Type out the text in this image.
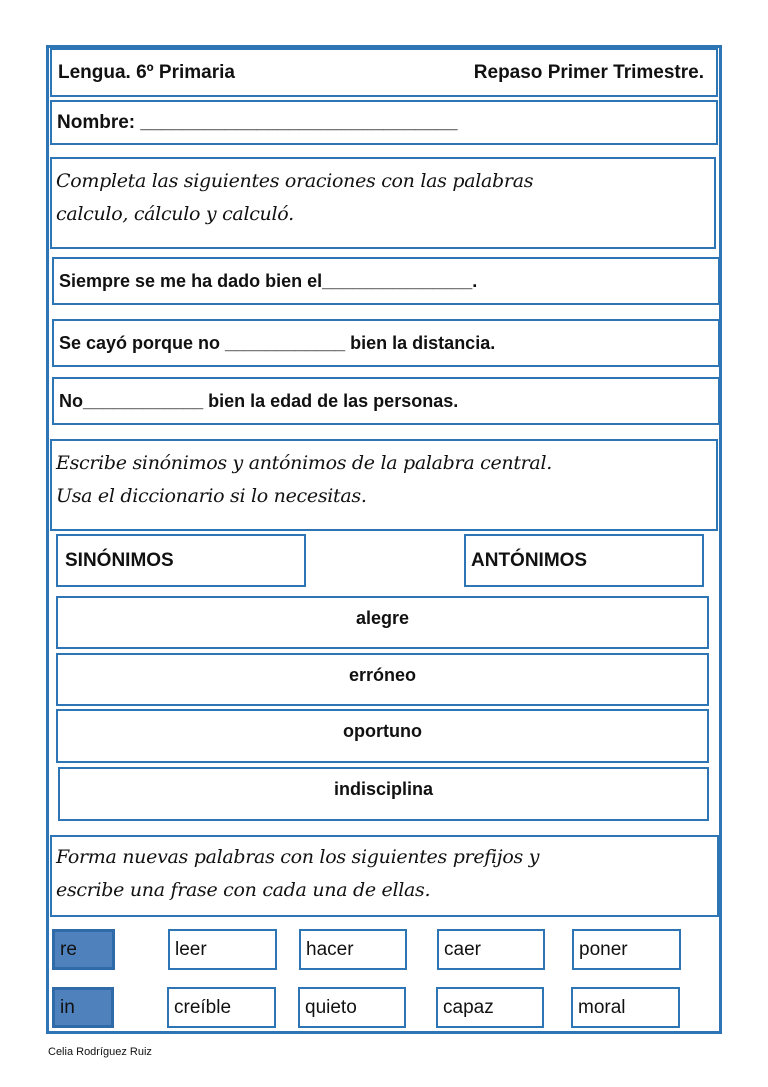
Lengua. 6º Primaria	Repaso Primer Trimestre.
Nombre: ______________________________
Completa las siguientes oraciones con las palabras
calculo, cálculo y calculó.
Siempre se me ha dado bien el_______________.
Se cayó porque no ____________ bien la distancia.
No____________ bien la edad de las personas.
Escribe sinónimos y antónimos de la palabra central.
Usa el diccionario si lo necesitas.
SINÓNIMOS	ANTÓNIMOS
alegre
erróneo
oportuno
indisciplina
Forma nuevas palabras con los siguientes prefijos y
escribe una frase con cada una de ellas.
re	leer	hacer	caer	poner
in	creíble	quieto	capaz	moral
Celia Rodríguez Ruiz
